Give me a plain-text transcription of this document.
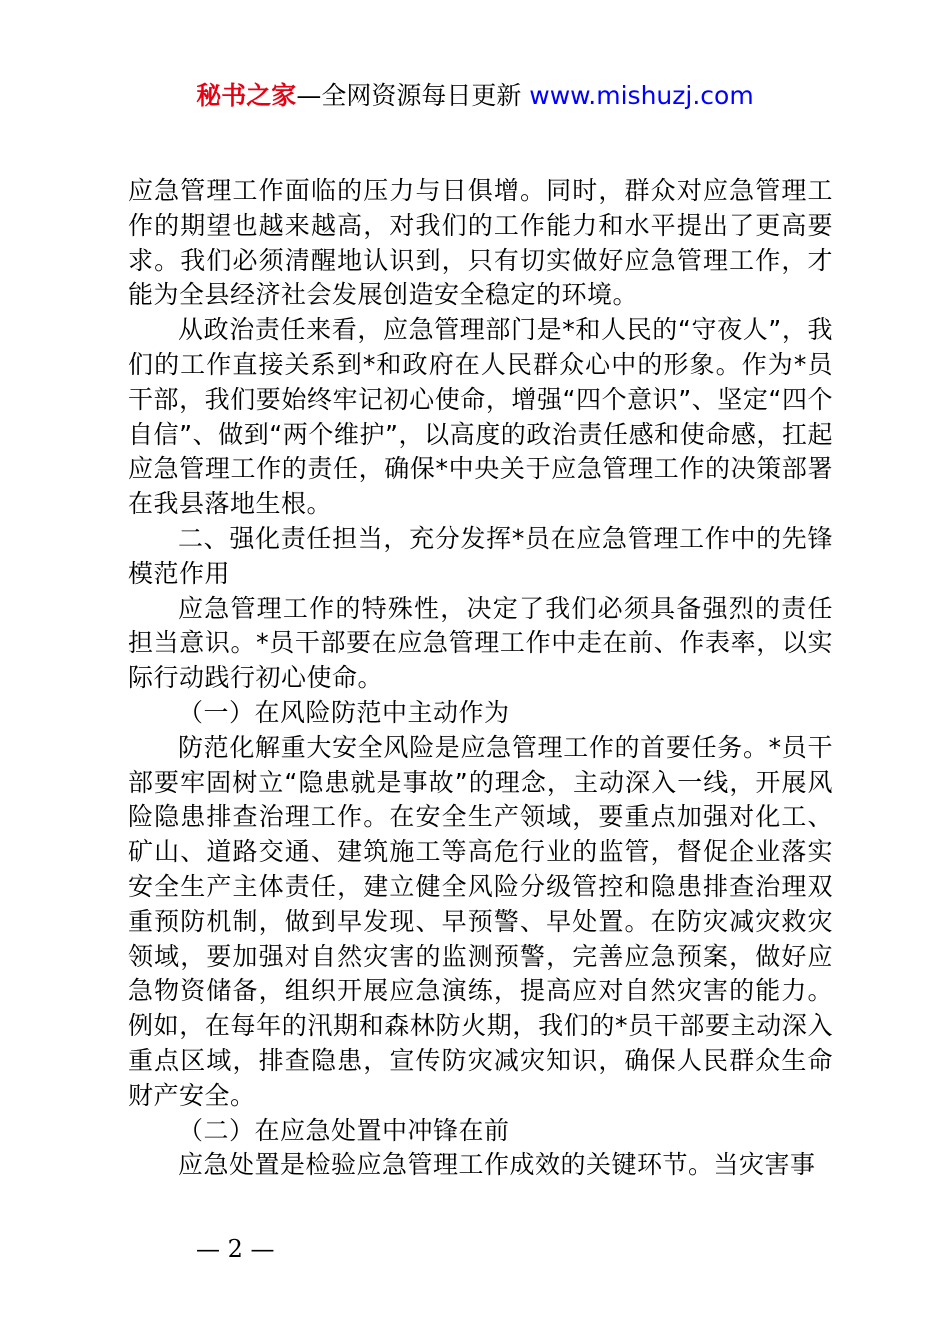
秘书之家—全网资源每日更新 www.mishuzj.com

应急管理工作面临的压力与日俱增。同时，群众对应急管理工作的期望也越来越高，对我们的工作能力和水平提出了更高要求。我们必须清醒地认识到，只有切实做好应急管理工作，才能为全县经济社会发展创造安全稳定的环境。

从政治责任来看，应急管理部门是*和人民的“守夜人”，我们的工作直接关系到*和政府在人民群众心中的形象。作为*员干部，我们要始终牢记初心使命，增强“四个意识”、坚定“四个自信”、做到“两个维护”，以高度的政治责任感和使命感，扛起应急管理工作的责任，确保*中央关于应急管理工作的决策部署在我县落地生根。

二、强化责任担当，充分发挥*员在应急管理工作中的先锋模范作用

应急管理工作的特殊性，决定了我们必须具备强烈的责任担当意识。*员干部要在应急管理工作中走在前、作表率，以实际行动践行初心使命。

（一）在风险防范中主动作为

防范化解重大安全风险是应急管理工作的首要任务。*员干部要牢固树立“隐患就是事故”的理念，主动深入一线，开展风险隐患排查治理工作。在安全生产领域，要重点加强对化工、矿山、道路交通、建筑施工等高危行业的监管，督促企业落实安全生产主体责任，建立健全风险分级管控和隐患排查治理双重预防机制，做到早发现、早预警、早处置。在防灾减灾救灾领域，要加强对自然灾害的监测预警，完善应急预案，做好应急物资储备，组织开展应急演练，提高应对自然灾害的能力。例如，在每年的汛期和森林防火期，我们的*员干部要主动深入重点区域，排查隐患，宣传防灾减灾知识，确保人民群众生命财产安全。

（二）在应急处置中冲锋在前

应急处置是检验应急管理工作成效的关键环节。当灾害事

— 2 —
